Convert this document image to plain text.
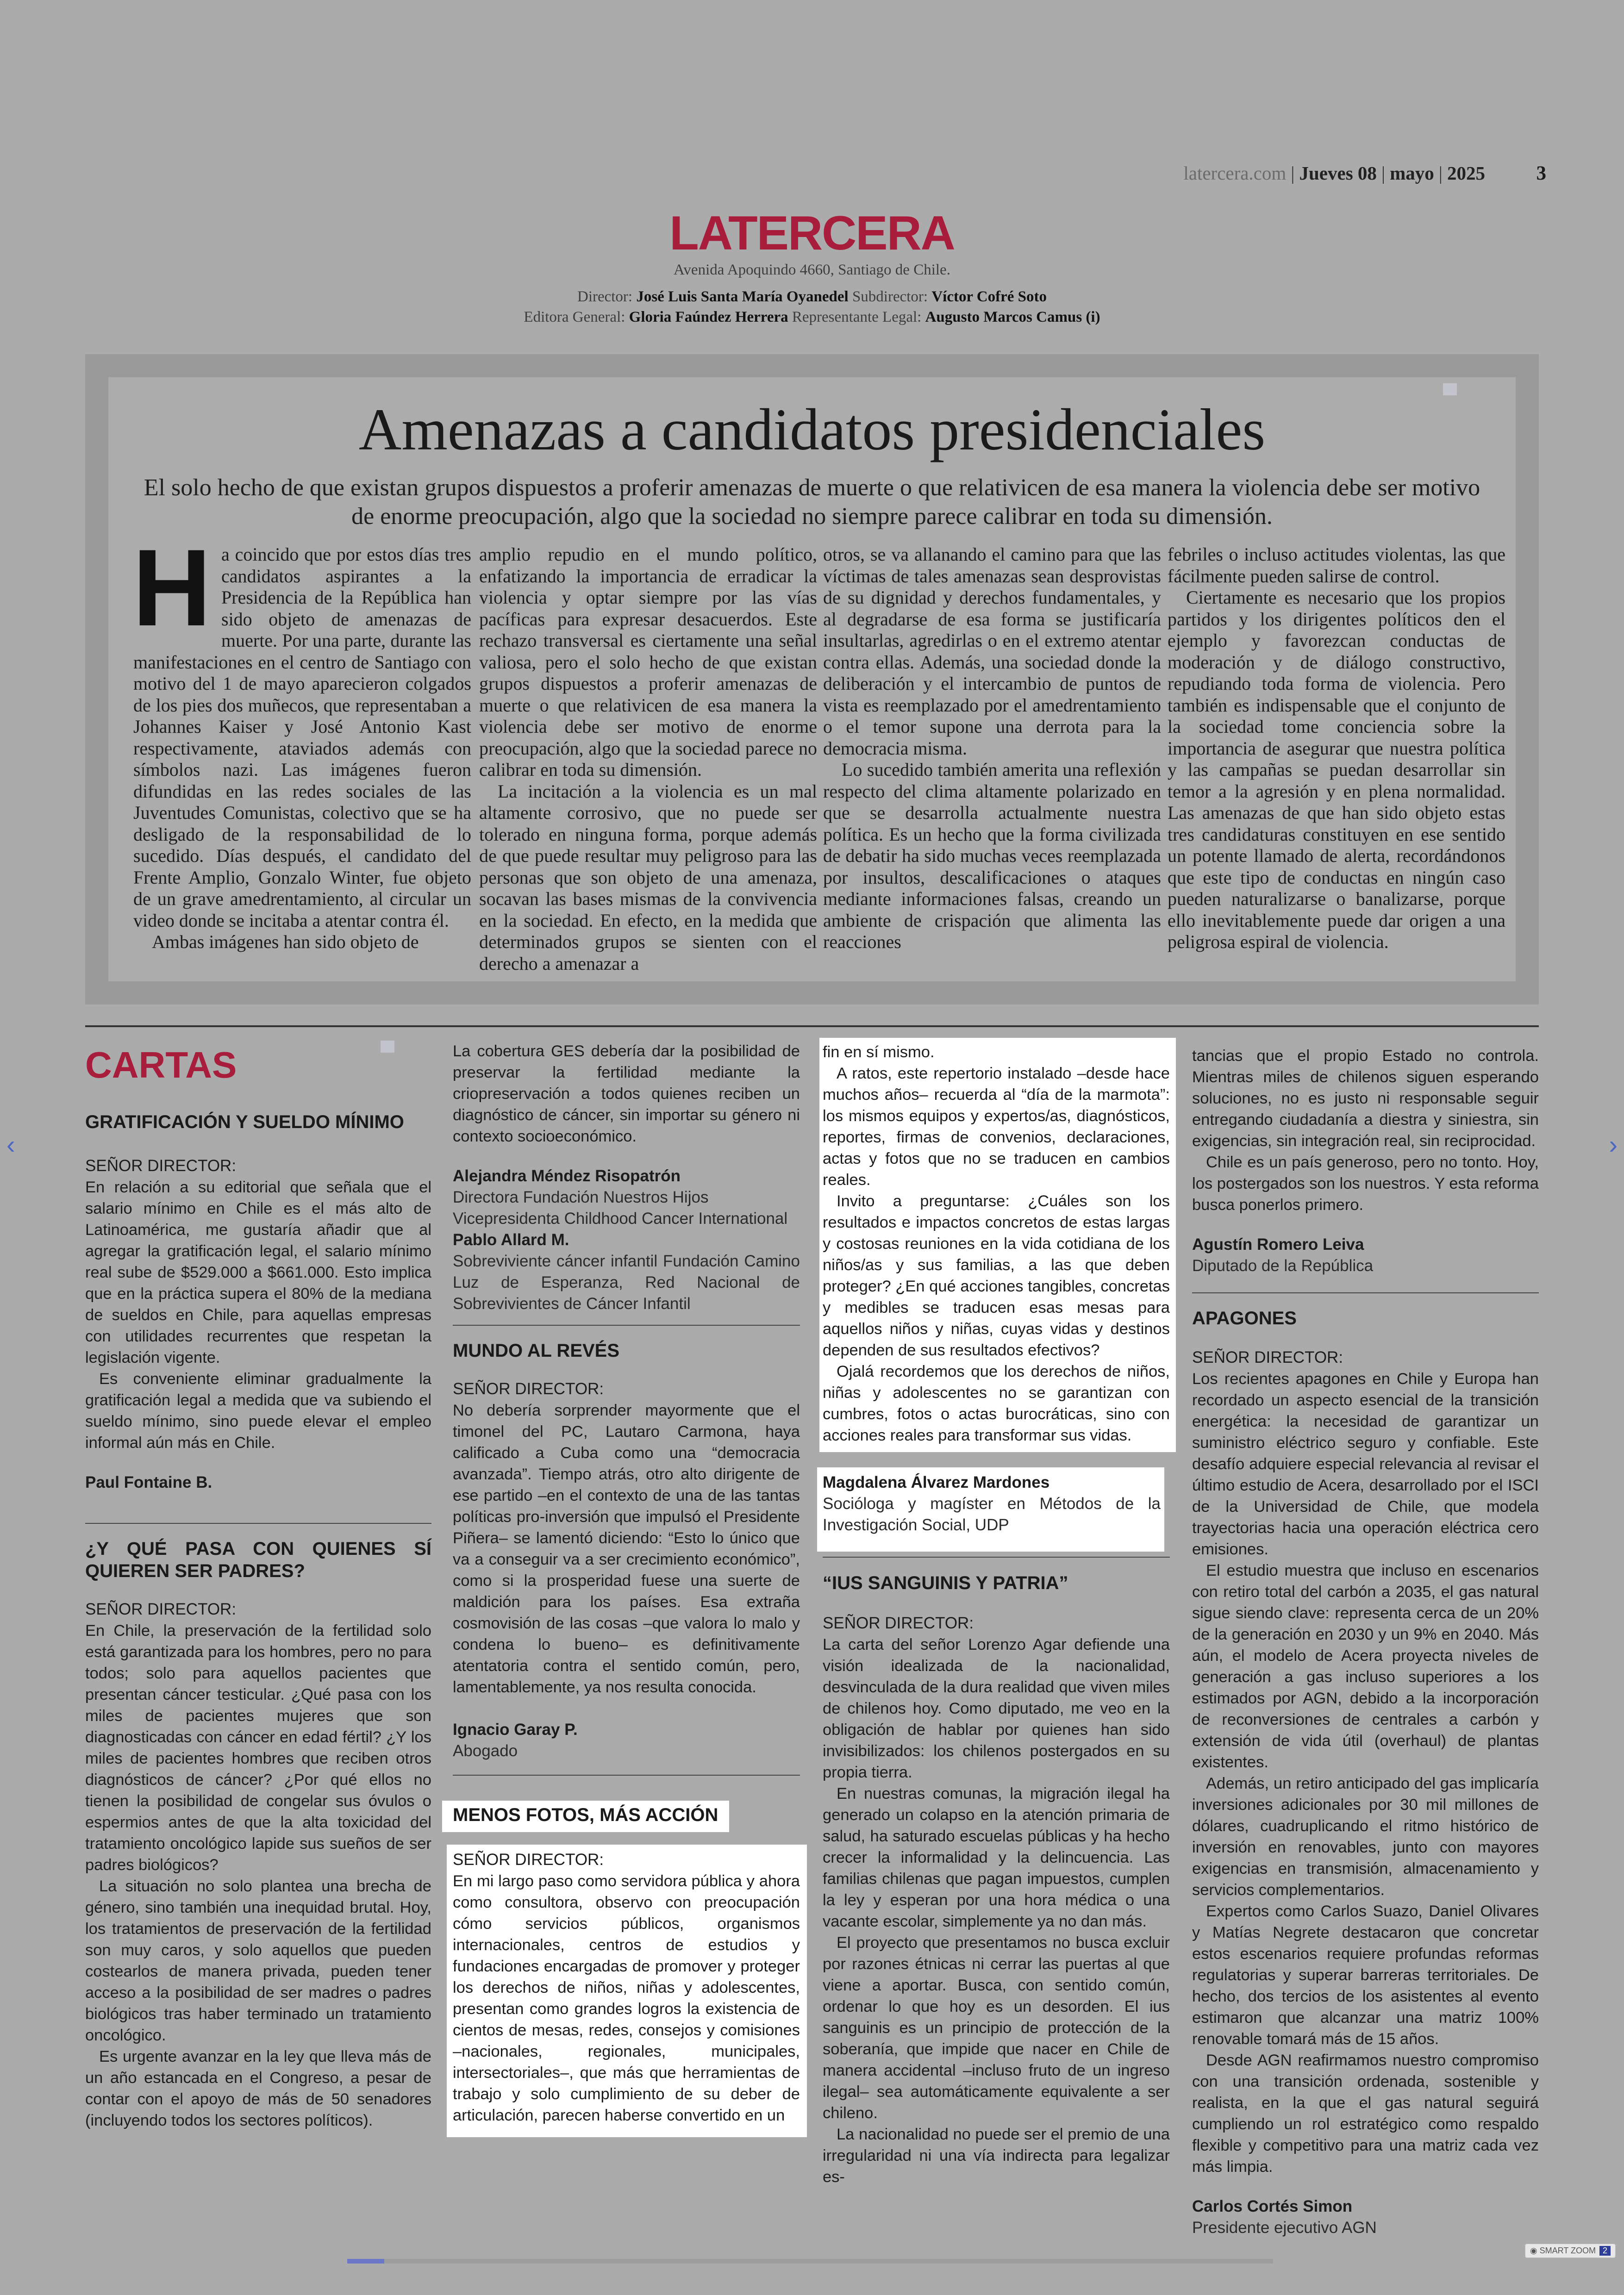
latercera.com | Jueves 08 | mayo | 2025	3
LATERCERA
Avenida Apoquindo 4660, Santiago de Chile.
Director: José Luis Santa María Oyanedel Subdirector: Víctor Cofré Soto
Editora General: Gloria Faúndez Herrera Representante Legal: Augusto Marcos Camus (i)
Amenazas a candidatos presidenciales
El solo hecho de que existan grupos dispuestos a proferir amenazas de muerte o que relativicen de esa manera la violencia debe ser motivo de enorme preocupación, algo que la sociedad no siempre parece calibrar en toda su dimensión.
H a coincido que por estos días tres candidatos aspirantes a la Presidencia de la República han sido objeto de amenazas de muerte. Por una parte, durante las manifestaciones en el centro de Santiago con motivo del 1 de mayo aparecieron colgados de los pies dos muñecos, que representaban a Johannes Kaiser y José Antonio Kast respectivamente, ataviados además con símbolos nazi. Las imágenes fueron difundidas en las redes sociales de las Juventudes Comunistas, colectivo que se ha desligado de la responsabilidad de lo sucedido. Días después, el candidato del Frente Amplio, Gonzalo Winter, fue objeto de un grave amedrentamiento, al circular un video donde se incitaba a atentar contra él.

Ambas imágenes han sido objeto de

amplio repudio en el mundo político, enfatizando la importancia de erradicar la violencia y optar siempre por las vías pacíficas para expresar desacuerdos. Este rechazo transversal es ciertamente una señal valiosa, pero el solo hecho de que existan grupos dispuestos a proferir amenazas de muerte o que relativicen de esa manera la violencia debe ser motivo de enorme preocupación, algo que la sociedad parece no calibrar en toda su dimensión.

La incitación a la violencia es un mal altamente corrosivo, que no puede ser tolerado en ninguna forma, porque además de que puede resultar muy peligroso para las personas que son objeto de una amenaza, socavan las bases mismas de la convivencia en la sociedad. En efecto, en la medida que determinados grupos se sienten con el derecho a amenazar a

otros, se va allanando el camino para que las víctimas de tales amenazas sean desprovistas de su dignidad y derechos fundamentales, y al degradarse de esa forma se justificaría insultarlas, agredirlas o en el extremo atentar contra ellas. Además, una sociedad donde la deliberación y el intercambio de puntos de vista es reemplazado por el amedrentamiento o el temor supone una derrota para la democracia misma.

Lo sucedido también amerita una reflexión respecto del clima altamente polarizado en que se desarrolla actualmente nuestra política. Es un hecho que la forma civilizada de debatir ha sido muchas veces reemplazada por insultos, descalificaciones o ataques mediante informaciones falsas, creando un ambiente de crispación que alimenta las reacciones

febriles o incluso actitudes violentas, las que fácilmente pueden salirse de control.

Ciertamente es necesario que los propios partidos y los dirigentes políticos den el ejemplo y favorezcan conductas de moderación y de diálogo constructivo, repudiando toda forma de violencia. Pero también es indispensable que el conjunto de la sociedad tome conciencia sobre la importancia de asegurar que nuestra política y las campañas se puedan desarrollar sin temor a la agresión y en plena normalidad. Las amenazas de que han sido objeto estas tres candidaturas constituyen en ese sentido un potente llamado de alerta, recordándonos que este tipo de conductas en ningún caso pueden naturalizarse o banalizarse, porque ello inevitablemente puede dar origen a una peligrosa espiral de violencia.

CARTAS
GRATIFICACIÓN Y SUELDO MÍNIMO
SEÑOR DIRECTOR:

En relación a su editorial que señala que el salario mínimo en Chile es el más alto de Latinoamérica, me gustaría añadir que al agregar la gratificación legal, el salario mínimo real sube de $529.000 a $661.000. Esto implica que en la práctica supera el 80% de la mediana de sueldos en Chile, para aquellas empresas con utilidades recurrentes que respetan la legislación vigente.

Es conveniente eliminar gradualmente la gratificación legal a medida que va subiendo el sueldo mínimo, sino puede elevar el empleo informal aún más en Chile.

Paul Fontaine B.
¿Y QUÉ PASA CON QUIENES SÍ QUIEREN SER PADRES?
SEÑOR DIRECTOR:

En Chile, la preservación de la fertilidad solo está garantizada para los hombres, pero no para todos; solo para aquellos pacientes que presentan cáncer testicular. ¿Qué pasa con los miles de pacientes mujeres que son diagnosticadas con cáncer en edad fértil? ¿Y los miles de pacientes hombres que reciben otros diagnósticos de cáncer? ¿Por qué ellos no tienen la posibilidad de congelar sus óvulos o espermios antes de que la alta toxicidad del tratamiento oncológico lapide sus sueños de ser padres biológicos?

La situación no solo plantea una brecha de género, sino también una inequidad brutal. Hoy, los tratamientos de preservación de la fertilidad son muy caros, y solo aquellos que pueden costearlos de manera privada, pueden tener acceso a la posibilidad de ser madres o padres biológicos tras haber terminado un tratamiento oncológico.

Es urgente avanzar en la ley que lleva más de un año estancada en el Congreso, a pesar de contar con el apoyo de más de 50 senadores (incluyendo todos los sectores políticos).

La cobertura GES debería dar la posibilidad de preservar la fertilidad mediante la criopreservación a todos quienes reciben un diagnóstico de cáncer, sin importar su género ni contexto socioeconómico.

Alejandra Méndez Risopatrón
Directora Fundación Nuestros Hijos
Vicepresidenta Childhood Cancer International
Pablo Allard M.
Sobreviviente cáncer infantil Fundación Camino Luz de Esperanza, Red Nacional de Sobrevivientes de Cáncer Infantil
MUNDO AL REVÉS
SEÑOR DIRECTOR:

No debería sorprender mayormente que el timonel del PC, Lautaro Carmona, haya calificado a Cuba como una “democracia avanzada”. Tiempo atrás, otro alto dirigente de ese partido –en el contexto de una de las tantas políticas pro-inversión que impulsó el Presidente Piñera– se lamentó diciendo: “Esto lo único que va a conseguir va a ser crecimiento económico”, como si la prosperidad fuese una suerte de maldición para los países. Esa extraña cosmovisión de las cosas –que valora lo malo y condena lo bueno– es definitivamente atentatoria contra el sentido común, pero, lamentablemente, ya nos resulta conocida.

Ignacio Garay P.
Abogado
MENOS FOTOS, MÁS ACCIÓN
SEÑOR DIRECTOR:

En mi largo paso como servidora pública y ahora como consultora, observo con preocupación cómo servicios públicos, organismos internacionales, centros de estudios y fundaciones encargadas de promover y proteger los derechos de niños, niñas y adolescentes, presentan como grandes logros la existencia de cientos de mesas, redes, consejos y comisiones –nacionales, regionales, municipales, intersectoriales–, que más que herramientas de trabajo y solo cumplimiento de su deber de articulación, parecen haberse convertido en un

fin en sí mismo.

A ratos, este repertorio instalado –desde hace muchos años– recuerda al “día de la marmota”: los mismos equipos y expertos/as, diagnósticos, reportes, firmas de convenios, declaraciones, actas y fotos que no se traducen en cambios reales.

Invito a preguntarse: ¿Cuáles son los resultados e impactos concretos de estas largas y costosas reuniones en la vida cotidiana de los niños/as y sus familias, a las que deben proteger? ¿En qué acciones tangibles, concretas y medibles se traducen esas mesas para aquellos niños y niñas, cuyas vidas y destinos dependen de sus resultados efectivos?

Ojalá recordemos que los derechos de niños, niñas y adolescentes no se garantizan con cumbres, fotos o actas burocráticas, sino con acciones reales para transformar sus vidas.

Magdalena Álvarez Mardones
Socióloga y magíster en Métodos de la Investigación Social, UDP
“IUS SANGUINIS Y PATRIA”
SEÑOR DIRECTOR:

La carta del señor Lorenzo Agar defiende una visión idealizada de la nacionalidad, desvinculada de la dura realidad que viven miles de chilenos hoy. Como diputado, me veo en la obligación de hablar por quienes han sido invisibilizados: los chilenos postergados en su propia tierra.

En nuestras comunas, la migración ilegal ha generado un colapso en la atención primaria de salud, ha saturado escuelas públicas y ha hecho crecer la informalidad y la delincuencia. Las familias chilenas que pagan impuestos, cumplen la ley y esperan por una hora médica o una vacante escolar, simplemente ya no dan más.

El proyecto que presentamos no busca excluir por razones étnicas ni cerrar las puertas al que viene a aportar. Busca, con sentido común, ordenar lo que hoy es un desorden. El ius sanguinis es un principio de protección de la soberanía, que impide que nacer en Chile de manera accidental –incluso fruto de un ingreso ilegal– sea automáticamente equivalente a ser chileno.

La nacionalidad no puede ser el premio de una irregularidad ni una vía indirecta para legalizar es-

tancias que el propio Estado no controla. Mientras miles de chilenos siguen esperando soluciones, no es justo ni responsable seguir entregando ciudadanía a diestra y siniestra, sin exigencias, sin integración real, sin reciprocidad.

Chile es un país generoso, pero no tonto. Hoy, los postergados son los nuestros. Y esta reforma busca ponerlos primero.

Agustín Romero Leiva
Diputado de la República
APAGONES
SEÑOR DIRECTOR:

Los recientes apagones en Chile y Europa han recordado un aspecto esencial de la transición energética: la necesidad de garantizar un suministro eléctrico seguro y confiable. Este desafío adquiere especial relevancia al revisar el último estudio de Acera, desarrollado por el ISCI de la Universidad de Chile, que modela trayectorias hacia una operación eléctrica cero emisiones.

El estudio muestra que incluso en escenarios con retiro total del carbón a 2035, el gas natural sigue siendo clave: representa cerca de un 20% de la generación en 2030 y un 9% en 2040. Más aún, el modelo de Acera proyecta niveles de generación a gas incluso superiores a los estimados por AGN, debido a la incorporación de reconversiones de centrales a carbón y extensión de vida útil (overhaul) de plantas existentes.

Además, un retiro anticipado del gas implicaría inversiones adicionales por 30 mil millones de dólares, cuadruplicando el ritmo histórico de inversión en renovables, junto con mayores exigencias en transmisión, almacenamiento y servicios complementarios.

Expertos como Carlos Suazo, Daniel Olivares y Matías Negrete destacaron que concretar estos escenarios requiere profundas reformas regulatorias y superar barreras territoriales. De hecho, dos tercios de los asistentes al evento estimaron que alcanzar una matriz 100% renovable tomará más de 15 años.

Desde AGN reafirmamos nuestro compromiso con una transición ordenada, sostenible y realista, en la que el gas natural seguirá cumpliendo un rol estratégico como respaldo flexible y competitivo para una matriz cada vez más limpia.

Carlos Cortés Simon
Presidente ejecutivo AGN
‹	›
◉ SMART ZOOM 2
